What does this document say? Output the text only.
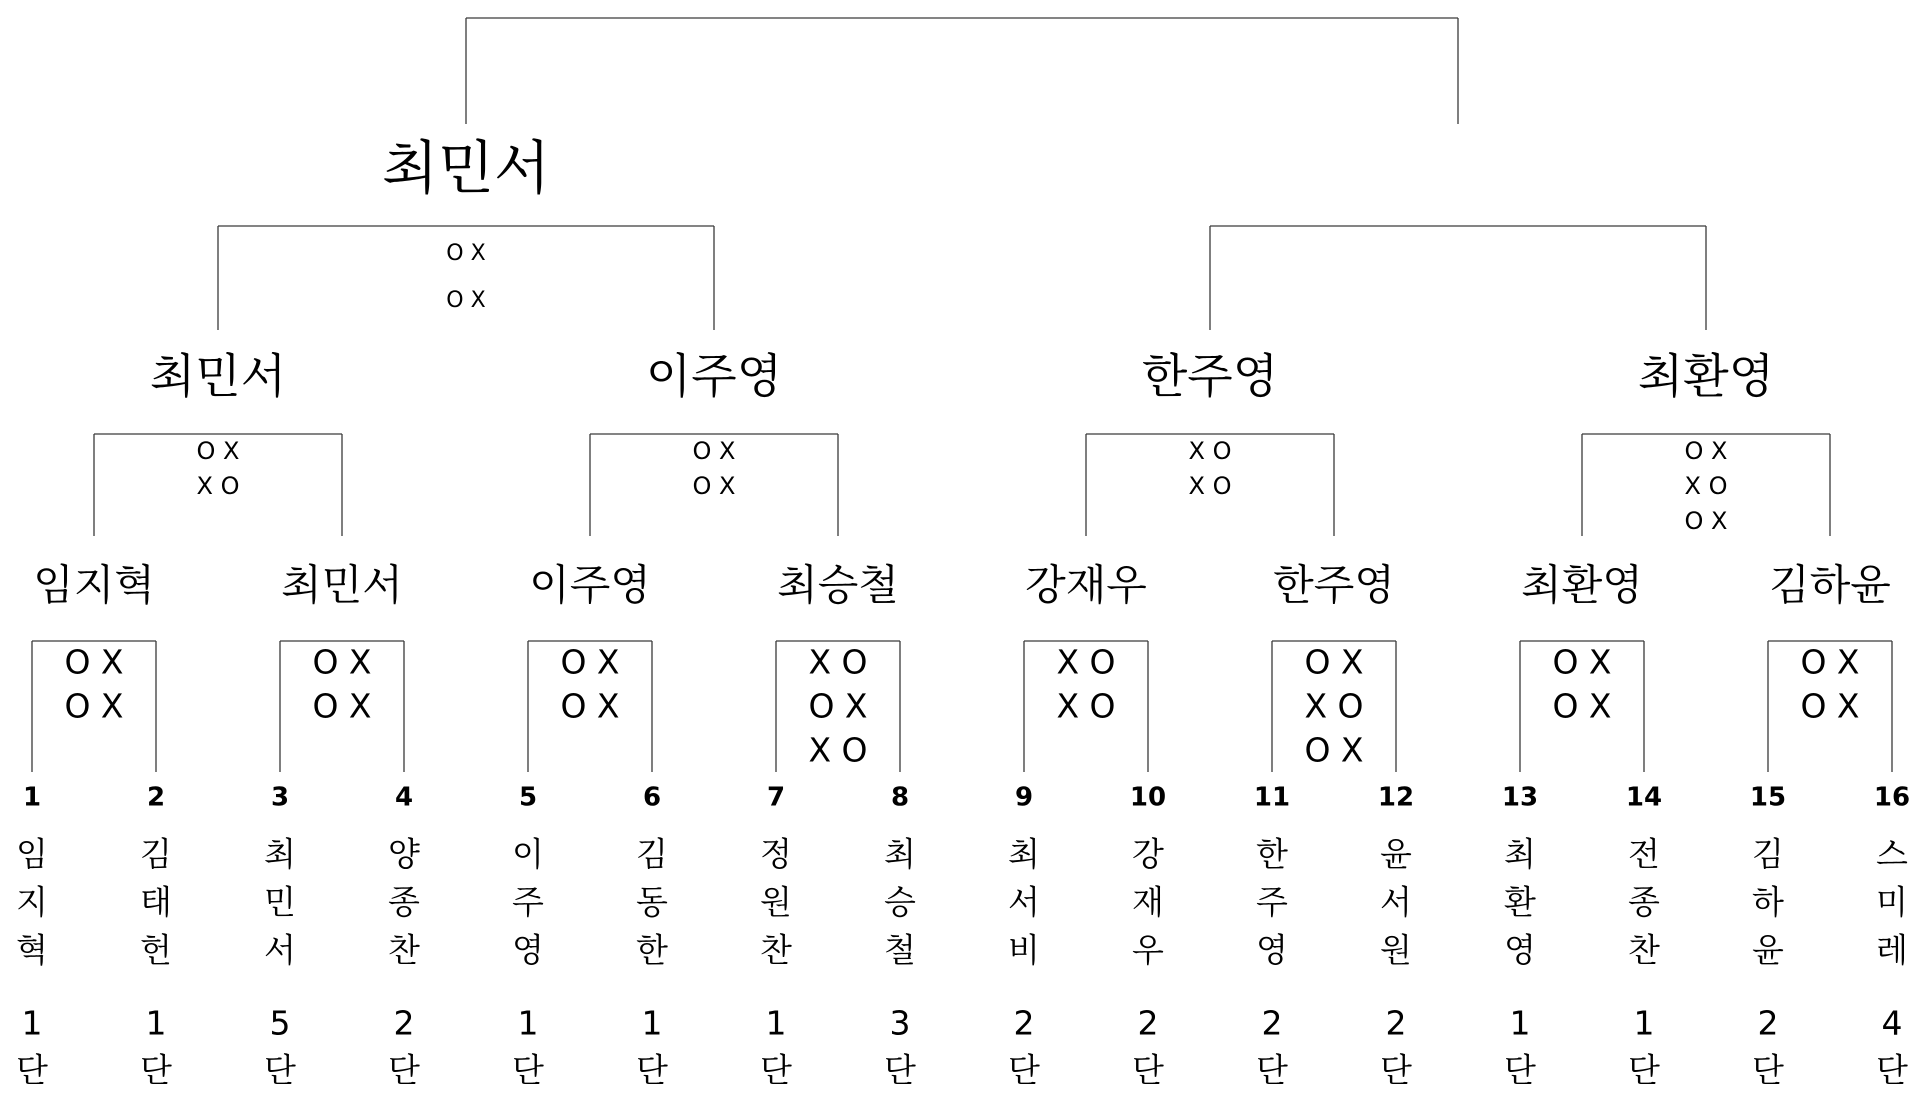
O X
O X
임지혁
O X
O X
최민서
O X
O X
이주영
X O
O X
X O
최승철
X O
X O
강재우
O X
X O
O X
한주영
O X
O X
최환영
O X
O X
김하윤
O X
X O
최민서
O X
O X
이주영
X O
X O
한주영
O X
X O
O X
최환영
O X
O X
최민서
1
임
지
혁
1
단
2
김
태
헌
1
단
3
최
민
서
5
단
4
양
종
찬
2
단
5
이
주
영
1
단
6
김
동
한
1
단
7
정
원
찬
1
단
8
최
승
철
3
단
9
최
서
비
2
단
10
강
재
우
2
단
11
한
주
영
2
단
12
윤
서
원
2
단
13
최
환
영
1
단
14
전
종
찬
1
단
15
김
하
윤
2
단
16
스
미
레
4
단
